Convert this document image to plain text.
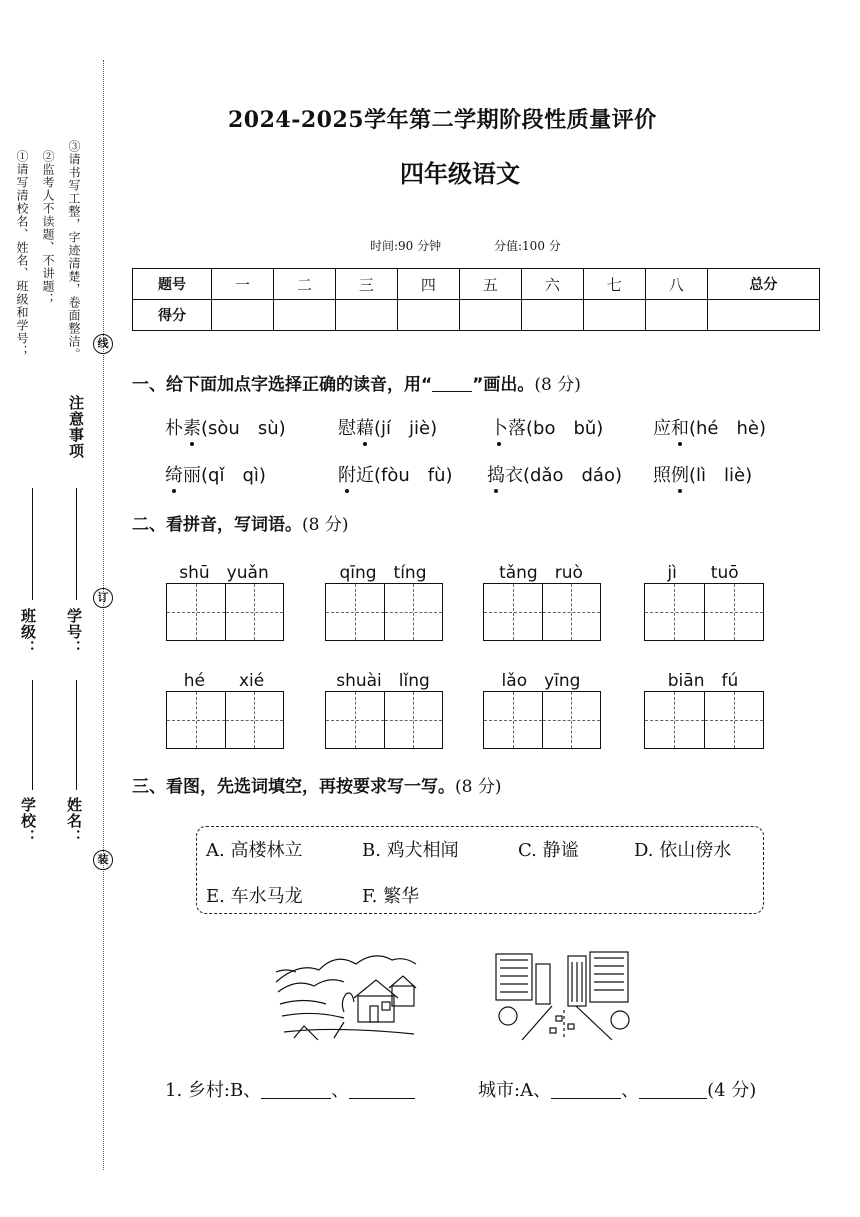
注意事项
①请写清校名、姓名、班级和学号； ②监考人不读题、不讲题； ③请书写工整，字迹清楚，卷面整洁。	线
订
装
班级： 学号：
学校： 姓名：
2024-2025学年第二学期阶段性质量评价
四年级语文
时间:90 分钟	分值:100 分
题号	一	二	三	四	五	六	七	八	总分
得分									
一、给下面加点字选择正确的读音，用“ ”画出。(8 分)
朴素(sòu　sù)	慰藉(jí　jiè)	卜落(bo　bǔ)	应和(hé　hè)
绮丽(qǐ　qì)	附近(fòu　fù) 捣衣(dǎo　dáo) 照例(lì　liè)
二、看拼音，写词语。(8 分)
shū　yuǎn	qīng　tíng	tǎng　ruò	jì　　tuō
hé　　xié	shuài　lǐng	lǎo　yīng	biān　fú
三、看图，先选词填空，再按要求写一写。(8 分)
A. 高楼林立	B. 鸡犬相闻	C. 静谧	D. 依山傍水
E. 车水马龙	F. 繁华
1. 乡村:B、	、	城市:A、	、	(4 分)
